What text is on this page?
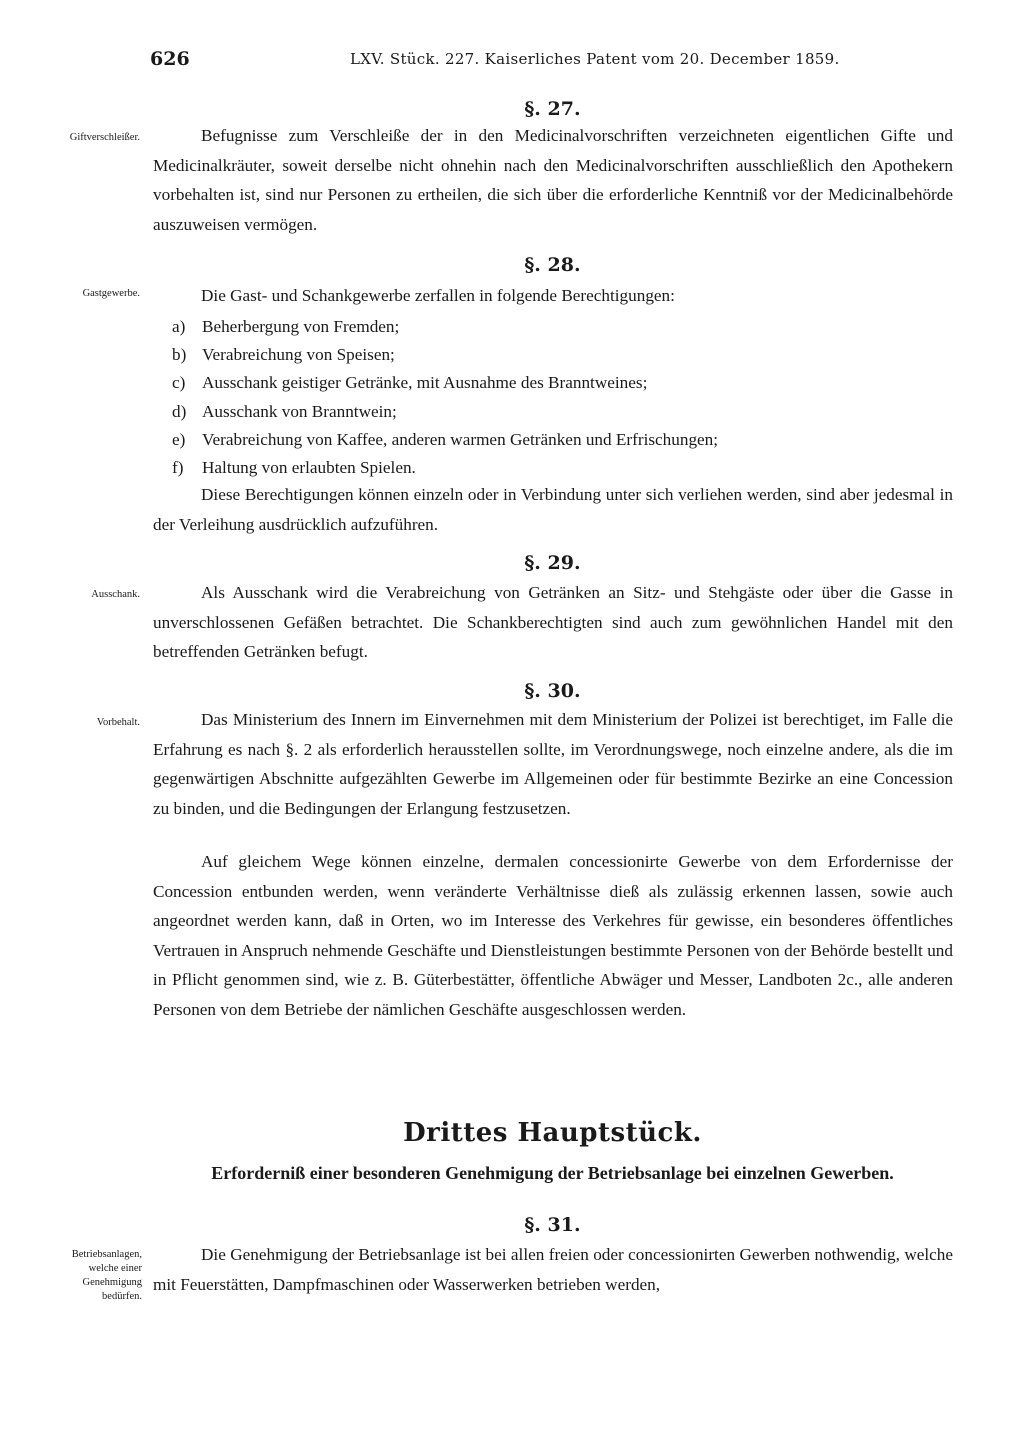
626	LXV. Stück. 227. Kaiserliches Patent vom 20. December 1859.
§. 27.
Giftverschleißer.	Befugnisse zum Verschleiße der in den Medicinalvorschriften verzeichneten eigentlichen Gifte und Medicinalkräuter, soweit derselbe nicht ohnehin nach den Medicinalvorschriften ausschließlich den Apothekern vorbehalten ist, sind nur Personen zu ertheilen, die sich über die erforderliche Kenntniß vor der Medicinalbehörde auszuweisen vermögen.

§. 28.
Gastgewerbe.	Die Gast- und Schankgewerbe zerfallen in folgende Berechtigungen:

a) Beherbergung von Fremden;
b) Verabreichung von Speisen;
c) Ausschank geistiger Getränke, mit Ausnahme des Branntweines;
d) Ausschank von Branntwein;
e) Verabreichung von Kaffee, anderen warmen Getränken und Erfrischungen;
f) Haltung von erlaubten Spielen.

Diese Berechtigungen können einzeln oder in Verbindung unter sich verliehen werden, sind aber jedesmal in der Verleihung ausdrücklich aufzuführen.

§. 29.
Ausschank.	Als Ausschank wird die Verabreichung von Getränken an Sitz- und Stehgäste oder über die Gasse in unverschlossenen Gefäßen betrachtet. Die Schankberechtigten sind auch zum gewöhnlichen Handel mit den betreffenden Getränken befugt.

§. 30.
Vorbehalt.	Das Ministerium des Innern im Einvernehmen mit dem Ministerium der Polizei ist berechtiget, im Falle die Erfahrung es nach §. 2 als erforderlich herausstellen sollte, im Verordnungswege, noch einzelne andere, als die im gegenwärtigen Abschnitte aufgezählten Gewerbe im Allgemeinen oder für bestimmte Bezirke an eine Concession zu binden, und die Bedingungen der Erlangung festzusetzen.

Auf gleichem Wege können einzelne, dermalen concessionirte Gewerbe von dem Erfordernisse der Concession entbunden werden, wenn veränderte Verhältnisse dieß als zulässig erkennen lassen, sowie auch angeordnet werden kann, daß in Orten, wo im Interesse des Verkehres für gewisse, ein besonderes öffentliches Vertrauen in Anspruch nehmende Geschäfte und Dienstleistungen bestimmte Personen von der Behörde bestellt und in Pflicht genommen sind, wie z. B. Güterbestätter, öffentliche Abwäger und Messer, Landboten 2c., alle anderen Personen von dem Betriebe der nämlichen Geschäfte ausgeschlossen werden.

Drittes Hauptstück.
Erforderniß einer besonderen Genehmigung der Betriebsanlage bei einzelnen Gewerben.
§. 31.
Betriebsanlagen, welche einer Genehmigung bedürfen.

Die Genehmigung der Betriebsanlage ist bei allen freien oder concessionirten Gewerben nothwendig, welche mit Feuerstätten, Dampfmaschinen oder Wasserwerken betrieben werden,
